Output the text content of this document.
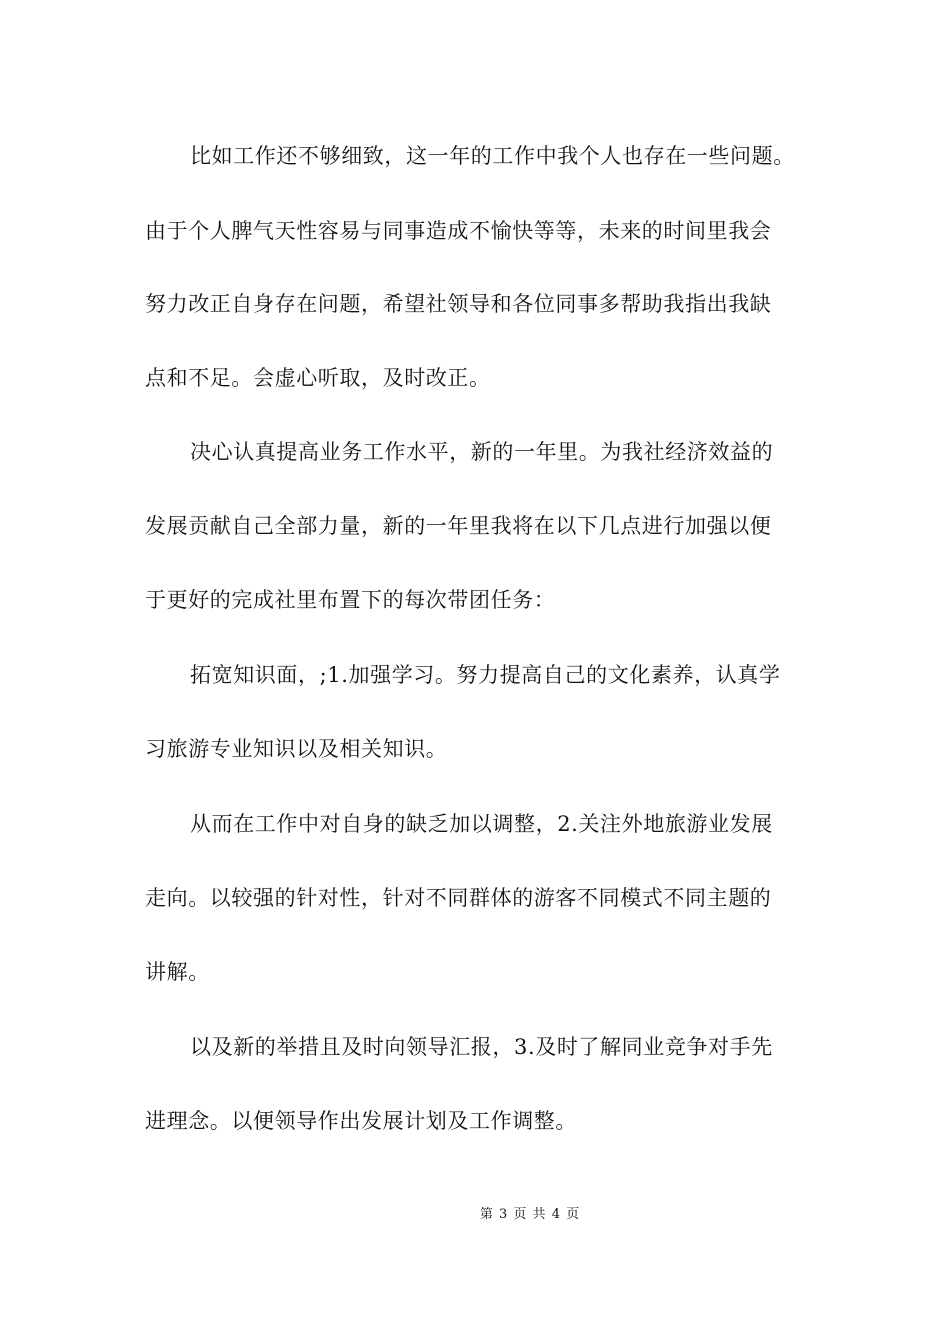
比如工作还不够细致，这一年的工作中我个人也存在一些问题。
由于个人脾气天性容易与同事造成不愉快等等，未来的时间里我会
努力改正自身存在问题，希望社领导和各位同事多帮助我指出我缺
点和不足。会虚心听取，及时改正。
决心认真提高业务工作水平，新的一年里。为我社经济效益的
发展贡献自己全部力量，新的一年里我将在以下几点进行加强以便
于更好的完成社里布置下的每次带团任务：
拓宽知识面，;1.加强学习。努力提高自己的文化素养，认真学
习旅游专业知识以及相关知识。
从而在工作中对自身的缺乏加以调整，2.关注外地旅游业发展
走向。以较强的针对性，针对不同群体的游客不同模式不同主题的
讲解。
以及新的举措且及时向领导汇报，3.及时了解同业竞争对手先
进理念。以便领导作出发展计划及工作调整。
第 3 页 共 4 页
